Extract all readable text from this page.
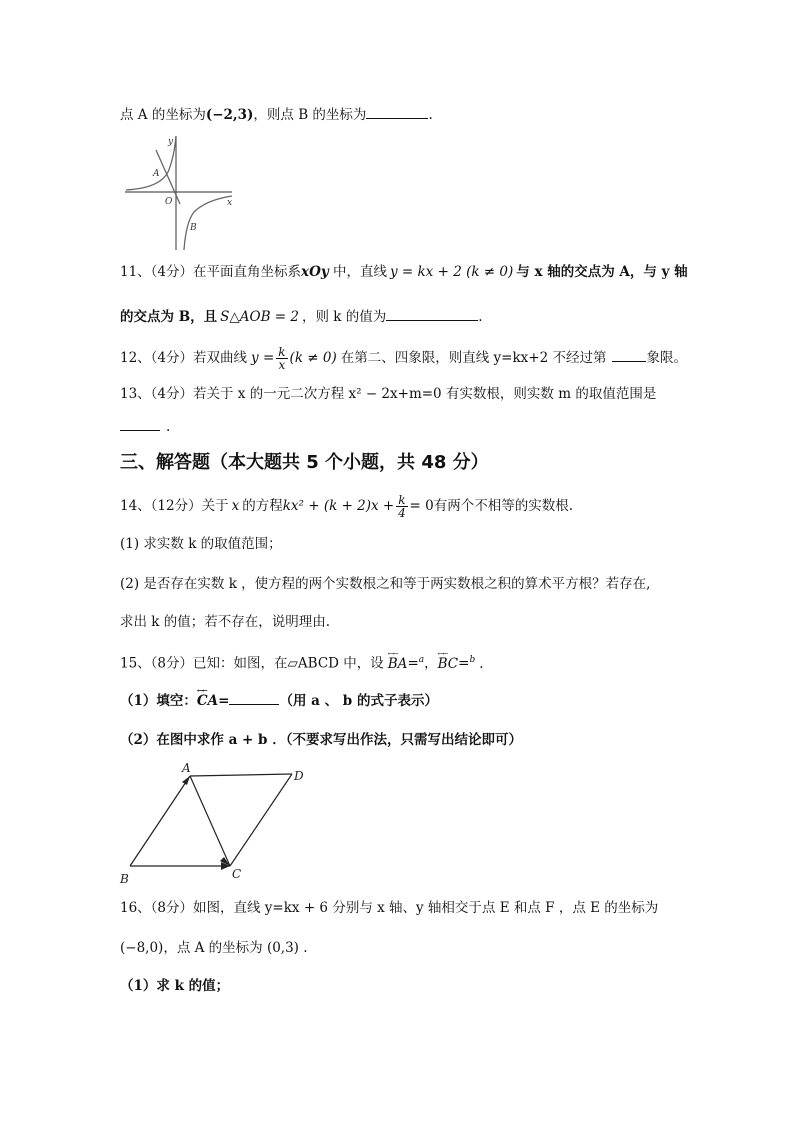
点 A 的坐标为(−2,3)，则点 B 的坐标为	.
y
x
O
A
B
11、（4分）在平面直角坐标系xOy 中，直线 y = kx + 2 (k ≠ 0) 与 x 轴的交点为 A，与 y 轴
的交点为 B，且 S△AOB = 2 ，则 k 的值为	.
12、（4分）若双曲线 $y = \frac{k}{x} (k \ne 0)$ 在第二、四象限，则直线 y=kx+2 不经过第	象限。
13、（4分）若关于 x 的一元二次方程 x² − 2x+m=0 有实数根，则实数 m 的取值范围是
.
三、解答题（本大题共 5 个小题，共 48 分）
14、（12分）关于 x 的方程$kx^2 + (k + 2)x + \frac{k}{4} = 0$有两个不相等的实数根.
(1) 求实数 k 的取值范围；
(2) 是否存在实数 k ，使方程的两个实数根之和等于两实数根之积的算术平方根？若存在,
求出 k 的值；若不存在，说明理由.
15、（8分）已知：如图，在▱ABCD 中，设←← BA=$^a$，←← BC=$^b$ .
（1）填空：←← CA=	（用 a 、 b 的式子表示）
（2）在图中求作 a + b ．（不要求写出作法，只需写出结论即可）
A
B	C
D
16、（8分）如图，直线 y=kx + 6 分别与 x 轴、y 轴相交于点 E 和点 F ，点 E 的坐标为
(−8,0)，点 A 的坐标为 (0,3) .
（1）求 k 的值；
